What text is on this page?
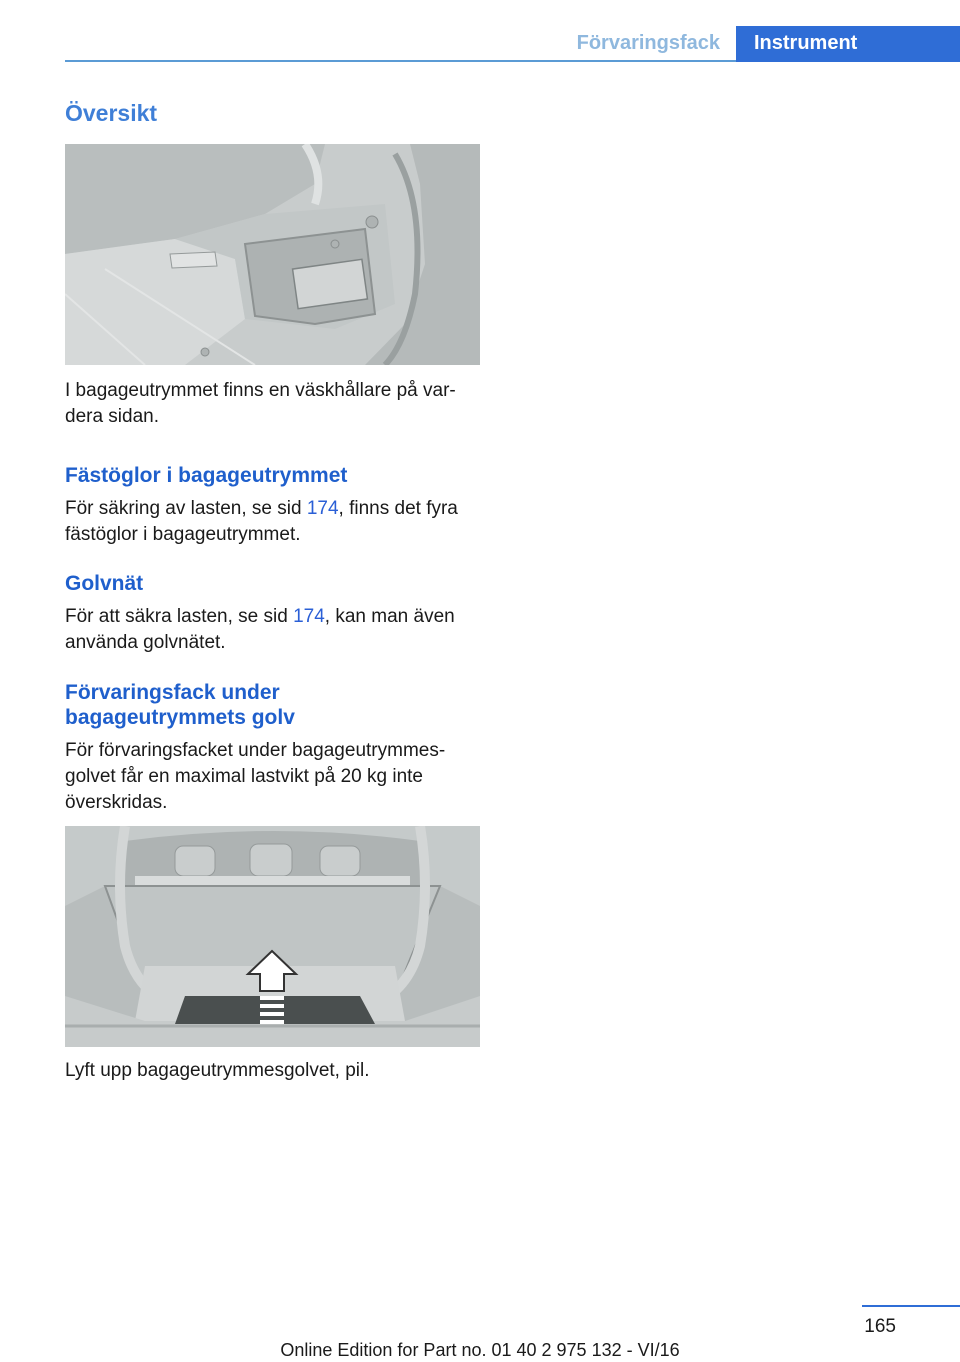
Förvaringsfack	Instrument
Översikt
I bagageutrymmet finns en väskhållare på var-
dera sidan.
Fästöglor i bagageutrymmet
För säkring av lasten, se sid 174, finns det fyra
fästöglor i bagageutrymmet.
Golvnät
För att säkra lasten, se sid 174, kan man även
använda golvnätet.
Förvaringsfack under
bagageutrymmets golv
För förvaringsfacket under bagageutrymmes-
golvet får en maximal lastvikt på 20 kg inte
överskridas.
Lyft upp bagageutrymmesgolvet, pil.
165
Online Edition for Part no. 01 40 2 975 132 - VI/16
